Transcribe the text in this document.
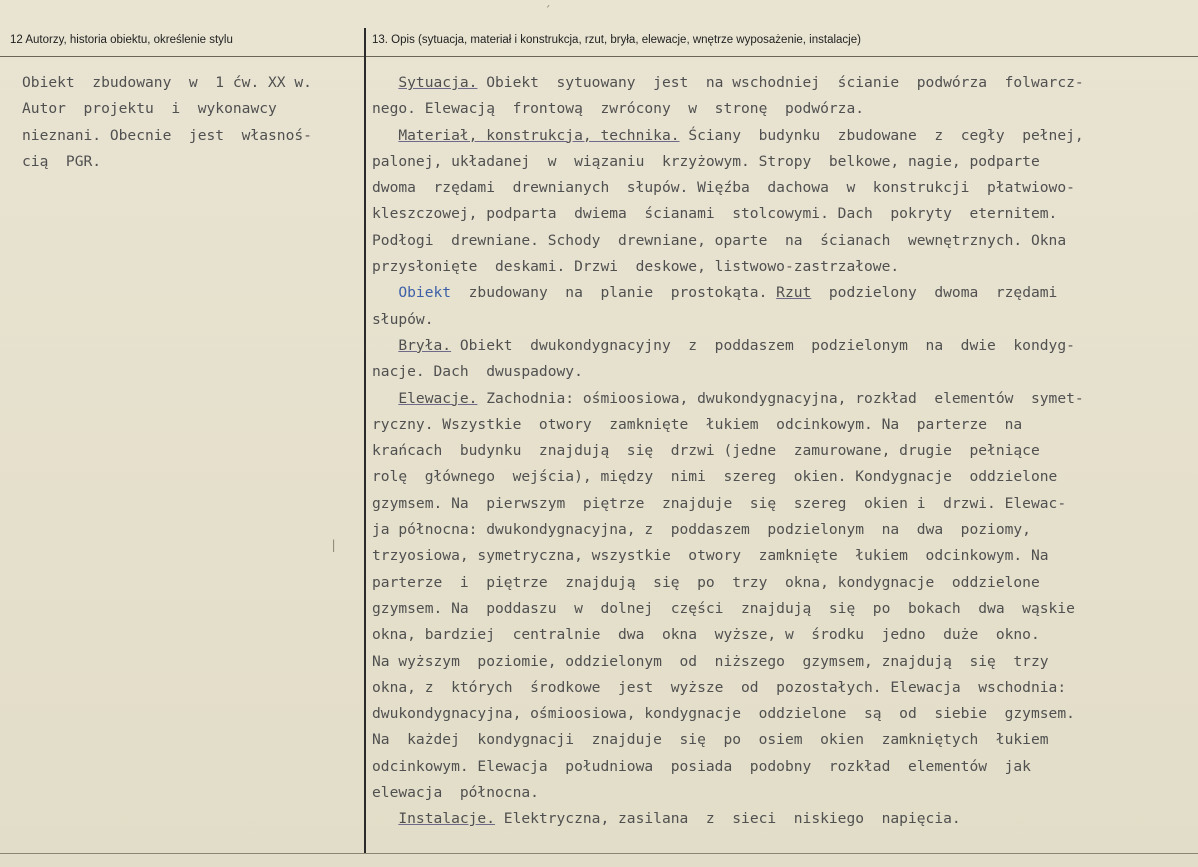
12 Autorzy, historia obiektu, określenie stylu	13. Opis (sytuacja, materiał i konstrukcja, rzut, bryła, elewacje, wnętrze wyposażenie, instalacje)
Obiekt  zbudowany  w  1 ćw. XX w.
Autor  projektu  i  wykonawcy
nieznani. Obecnie  jest  własnoś-
cią  PGR.
Sytuacja. Obiekt  sytuowany  jest  na wschodniej  ścianie  podwórza  folwarcz-
nego. Elewacją  frontową  zwrócony  w  stronę  podwórza.
Materiał, konstrukcja, technika. Ściany  budynku  zbudowane  z  cegły  pełnej,
palonej, układanej  w  wiązaniu  krzyżowym. Stropy  belkowe, nagie, podparte
dwoma  rzędami  drewnianych  słupów. Więźba  dachowa  w  konstrukcji  płatwiowo-
kleszczowej, podparta  dwiema  ścianami  stolcowymi. Dach  pokryty  eternitem.
Podłogi  drewniane. Schody  drewniane, oparte  na  ścianach  wewnętrznych. Okna
przysłonięte  deskami. Drzwi  deskowe, listwowo-zastrzałowe.
Obiekt  zbudowany  na  planie  prostokąta. Rzut  podzielony  dwoma  rzędami
słupów.
Bryła. Obiekt  dwukondygnacyjny  z  poddaszem  podzielonym  na  dwie  kondyg-
nacje. Dach  dwuspadowy.
Elewacje. Zachodnia: ośmioosiowa, dwukondygnacyjna, rozkład  elementów  symet-
ryczny. Wszystkie  otwory  zamknięte  łukiem  odcinkowym. Na  parterze  na
krańcach  budynku  znajdują  się  drzwi (jedne  zamurowane, drugie  pełniące
rolę  głównego  wejścia), między  nimi  szereg  okien. Kondygnacje  oddzielone
gzymsem. Na  pierwszym  piętrze  znajduje  się  szereg  okien i  drzwi. Elewac-
ja północna: dwukondygnacyjna, z  poddaszem  podzielonym  na  dwa  poziomy,
trzyosiowa, symetryczna, wszystkie  otwory  zamknięte  łukiem  odcinkowym. Na
parterze  i  piętrze  znajdują  się  po  trzy  okna, kondygnacje  oddzielone
gzymsem. Na  poddaszu  w  dolnej  części  znajdują  się  po  bokach  dwa  wąskie
okna, bardziej  centralnie  dwa  okna  wyższe, w  środku  jedno  duże  okno.
Na wyższym  poziomie, oddzielonym  od  niższego  gzymsem, znajdują  się  trzy
okna, z  których  środkowe  jest  wyższe  od  pozostałych. Elewacja  wschodnia:
dwukondygnacyjna, ośmioosiowa, kondygnacje  oddzielone  są  od  siebie  gzymsem.
Na  każdej  kondygnacji  znajduje  się  po  osiem  okien  zamkniętych  łukiem
odcinkowym. Elewacja  południowa  posiada  podobny  rozkład  elementów  jak
elewacja  północna.
Instalacje. Elektryczna, zasilana  z  sieci  niskiego  napięcia.
´
|
